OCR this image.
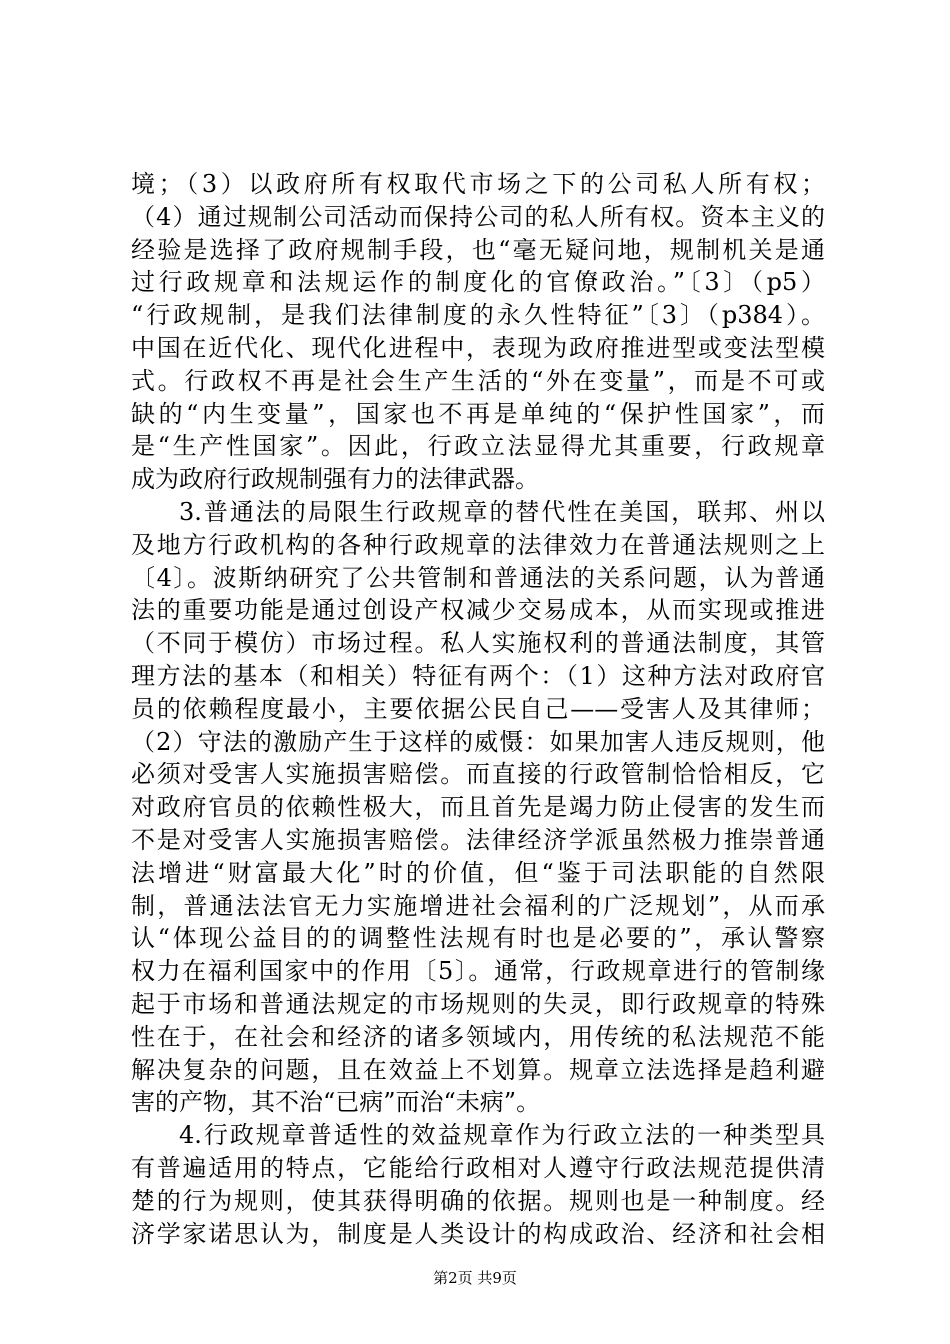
境；（3）以政府所有权取代市场之下的公司私人所有权；
（4）通过规制公司活动而保持公司的私人所有权。资本主义的
经验是选择了政府规制手段，也“毫无疑问地，规制机关是通
过行政规章和法规运作的制度化的官僚政治。”〔3〕（p5）
“行政规制，是我们法律制度的永久性特征”〔3〕（p384）。
中国在近代化、现代化进程中，表现为政府推进型或变法型模
式。行政权不再是社会生产生活的“外在变量”，而是不可或
缺的“内生变量”，国家也不再是单纯的“保护性国家”，而
是“生产性国家”。因此，行政立法显得尤其重要，行政规章
成为政府行政规制强有力的法律武器。
3.普通法的局限生行政规章的替代性在美国，联邦、州以
及地方行政机构的各种行政规章的法律效力在普通法规则之上
〔4〕。波斯纳研究了公共管制和普通法的关系问题，认为普通
法的重要功能是通过创设产权减少交易成本，从而实现或推进
（不同于模仿）市场过程。私人实施权利的普通法制度，其管
理方法的基本（和相关）特征有两个：（1）这种方法对政府官
员的依赖程度最小，主要依据公民自己——受害人及其律师；
（2）守法的激励产生于这样的威慑：如果加害人违反规则，他
必须对受害人实施损害赔偿。而直接的行政管制恰恰相反，它
对政府官员的依赖性极大，而且首先是竭力防止侵害的发生而
不是对受害人实施损害赔偿。法律经济学派虽然极力推崇普通
法增进“财富最大化”时的价值，但“鉴于司法职能的自然限
制，普通法法官无力实施增进社会福利的广泛规划”，从而承
认“体现公益目的的调整性法规有时也是必要的”，承认警察
权力在福利国家中的作用〔5〕。通常，行政规章进行的管制缘
起于市场和普通法规定的市场规则的失灵，即行政规章的特殊
性在于，在社会和经济的诸多领域内，用传统的私法规范不能
解决复杂的问题，且在效益上不划算。规章立法选择是趋利避
害的产物，其不治“已病”而治“未病”。
4.行政规章普适性的效益规章作为行政立法的一种类型具
有普遍适用的特点，它能给行政相对人遵守行政法规范提供清
楚的行为规则，使其获得明确的依据。规则也是一种制度。经
济学家诺思认为，制度是人类设计的构成政治、经济和社会相
第2页 共9页
